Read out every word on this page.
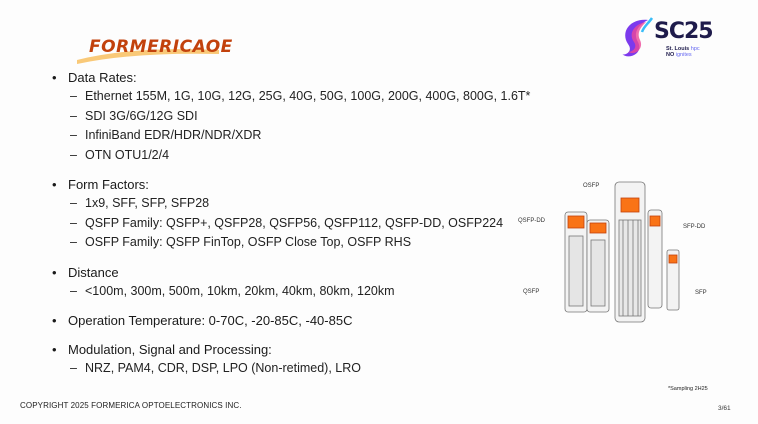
FORMERICAOE
SC25
St. Louis hpc
NO ignites
• Data Rates:
– Ethernet 155M, 1G, 10G, 12G, 25G, 40G, 50G, 100G, 200G, 400G, 800G, 1.6T*
– SDI 3G/6G/12G SDI
– InfiniBand EDR/HDR/NDR/XDR
– OTN OTU1/2/4
• Form Factors:
– 1x9, SFF, SFP, SFP28
– QSFP Family: QSFP+, QSFP28, QSFP56, QSFP112, QSFP-DD, OSFP224
– OSFP Family: QSFP FinTop, OSFP Close Top, OSFP RHS
• Distance
– <100m, 300m, 500m, 10km, 20km, 40km, 80km, 120km
• Operation Temperature: 0-70C, -20-85C, -40-85C
• Modulation, Signal and Processing:
– NRZ, PAM4, CDR, DSP, LPO (Non-retimed), LRO
OSFP
QSFP-DD
SFP-DD
QSFP	SFP
*Sampling 2H25
COPYRIGHT 2025 FORMERICA OPTOELECTRONICS INC.	3/61
